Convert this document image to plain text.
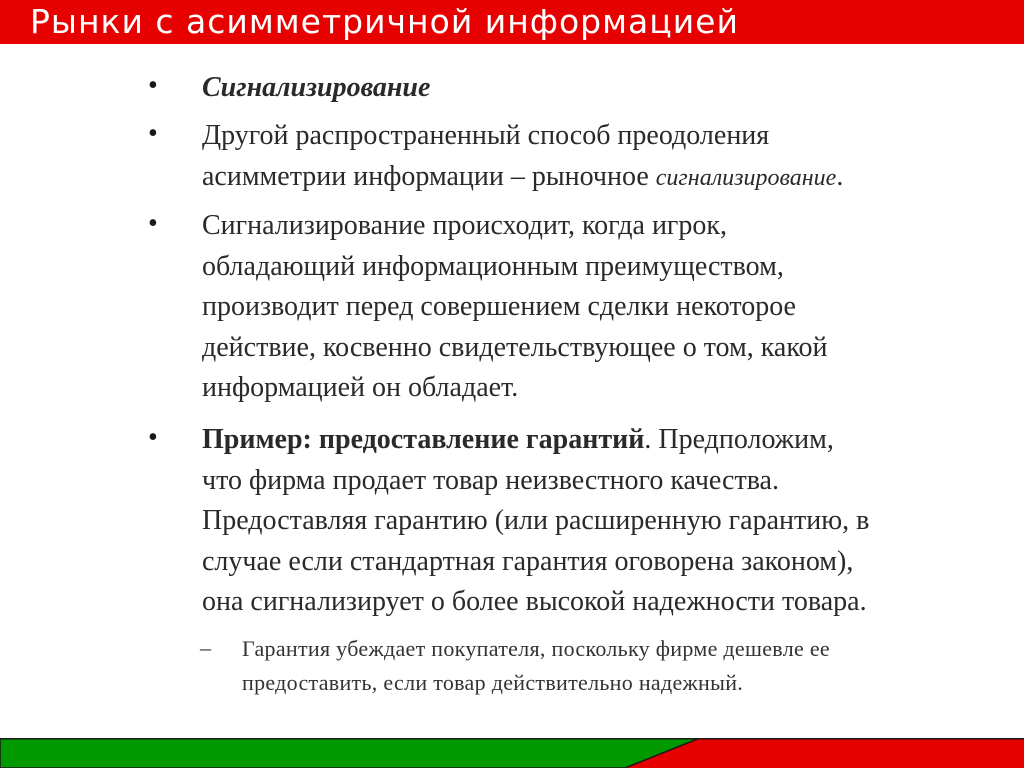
Рынки с асимметричной информацией
• Сигнализирование
• Другой распространенный способ преодоления
асимметрии информации – рыночное сигнализирование.
• Сигнализирование происходит, когда игрок,
обладающий информационным преимуществом,
производит перед совершением сделки некоторое
действие, косвенно свидетельствующее о том, какой
информацией он обладает.
• Пример: предоставление гарантий. Предположим,
что фирма продает товар неизвестного качества.
Предоставляя гарантию (или расширенную гарантию, в
случае если стандартная гарантия оговорена законом),
она сигнализирует о более высокой надежности товара.
– Гарантия убеждает покупателя, поскольку фирме дешевле ее
предоставить, если товар действительно надежный.
